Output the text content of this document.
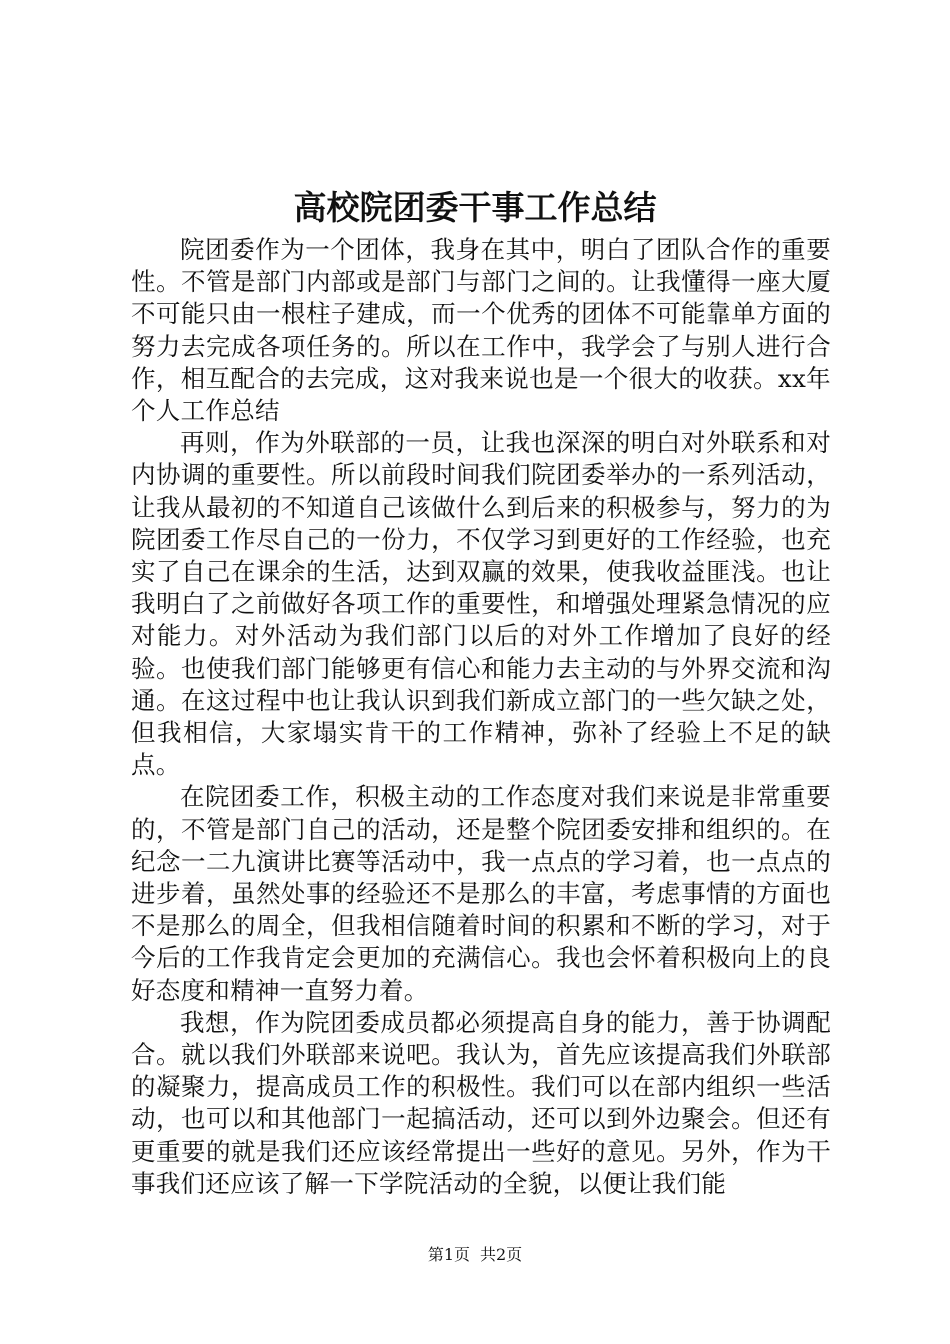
高校院团委干事工作总结

院团委作为一个团体，我身在其中，明白了团队合作的重要性。不管是部门内部或是部门与部门之间的。让我懂得一座大厦不可能只由一根柱子建成，而一个优秀的团体不可能靠单方面的努力去完成各项任务的。所以在工作中，我学会了与别人进行合作，相互配合的去完成，这对我来说也是一个很大的收获。xx年个人工作总结

再则，作为外联部的一员，让我也深深的明白对外联系和对内协调的重要性。所以前段时间我们院团委举办的一系列活动，让我从最初的不知道自己该做什么到后来的积极参与，努力的为院团委工作尽自己的一份力，不仅学习到更好的工作经验，也充实了自己在课余的生活，达到双赢的效果，使我收益匪浅。也让我明白了之前做好各项工作的重要性，和增强处理紧急情况的应对能力。对外活动为我们部门以后的对外工作增加了良好的经验。也使我们部门能够更有信心和能力去主动的与外界交流和沟通。在这过程中也让我认识到我们新成立部门的一些欠缺之处，但我相信，大家塌实肯干的工作精神，弥补了经验上不足的缺点。

在院团委工作，积极主动的工作态度对我们来说是非常重要的，不管是部门自己的活动，还是整个院团委安排和组织的。在纪念一二九演讲比赛等活动中，我一点点的学习着，也一点点的进步着，虽然处事的经验还不是那么的丰富，考虑事情的方面也不是那么的周全，但我相信随着时间的积累和不断的学习，对于今后的工作我肯定会更加的充满信心。我也会怀着积极向上的良好态度和精神一直努力着。

我想，作为院团委成员都必须提高自身的能力，善于协调配合。就以我们外联部来说吧。我认为，首先应该提高我们外联部的凝聚力，提高成员工作的积极性。我们可以在部内组织一些活动，也可以和其他部门一起搞活动，还可以到外边聚会。但还有更重要的就是我们还应该经常提出一些好的意见。另外，作为干事我们还应该了解一下学院活动的全貌，以便让我们能

第1页 共2页
